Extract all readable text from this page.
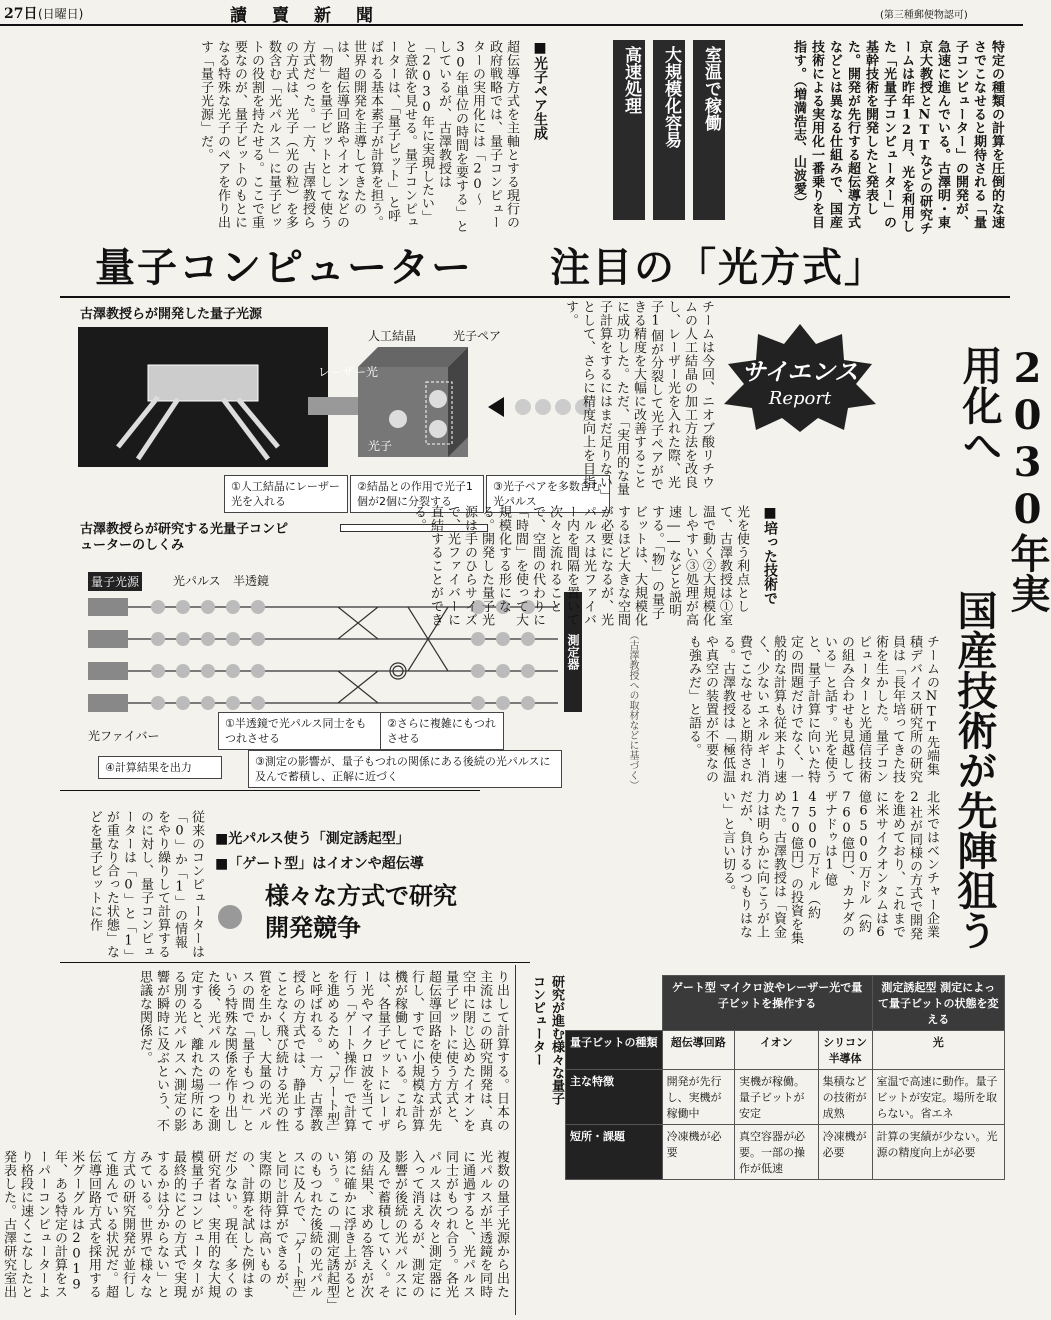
27日 (日曜日)	讀　賣　新　聞	(第三種郵便物認可)
特定の種類の計算を圧倒的な速さでこなせると期待される「量子コンピューター」の開発が、急速に進んでいる。古澤明・東京大教授とNTTなどの研究チームは昨年12月、光を利用した「光量子コンピューター」の基幹技術を開発したと発表した。開発が先行する超伝導方式などとは異なる仕組みで、国産技術による実用化一番乗りを目指す。（増満浩志、山波愛）
室温で稼働
大規模化容易
高速処理
■光子ペア生成
超伝導方式を主軸とする現行の政府戦略では、量子コンピューターの実用化には「20～30年単位の時間を要する」としているが、古澤教授は「2030年に実現したい」と意欲を見せる。量子コンピューターは、「量子ビット」と呼ばれる基本素子が計算を担う。世界の開発を主導してきたのは、超伝導回路やイオンなどの「物」を量子ビットとして使う方式だった。一方、古澤教授らの方式は、光子（光の粒）を多数含む「光パルス」に量子ビットの役割を持たせる。ここで重要なのが、量子ビットのもとになる特殊な光子のペアを作り出す「量子光源」だ。
量子コンピューター 注目の「光方式」
2030年実用化へ
国産技術が先陣狙う
サイエンス
Report
古澤教授らが開発した量子光源
人工結晶	光子ペア
レーザー光
光子
①人工結晶にレーザー光を入れる
②結晶との作用で光子1個が2個に分裂する
③光子ペアを多数含む光パルス
古澤教授らが研究する光量子コンピューターのしくみ
量子光源	光パルス 半透鏡
測定器
光ファイバー
①半透鏡で光パルス同士をもつれさせる
②さらに複雑にもつれさせる
④計算結果を出力	③測定の影響が、量子もつれの関係にある後続の光パルスに及んで蓄積し、正解に近づく	（古澤教授への取材などに基づく）
チームは今回、ニオブ酸リチウムの人工結晶の加工方法を改良し、レーザー光を入れた際、光子1個が分裂して光子ペアができる精度を大幅に改善することに成功した。ただ、「実用的な量子計算をするにはまだ足りない」として、さらに精度向上を目指す。
■培った技術で
光を使う利点として、古澤教授は①室温で動く②大規模化しやすい③処理が高速――などと説明する。「物」の量子ビットは、大規模化するほど大きな空間が必要になるが、光パルスは光ファイバー内を間隔を置いて次々と流れることで、空間の代わりに「時間」を使って大規模化する形になる。開発した量子光源は手のひらサイズで、光ファイバーに直結することができる。
チームのNTT先端集積デバイス研究所の研究員は「長年培ってきた技術を生かした。量子コンピューターと光通信技術の組み合わせも見越している」と話す。光を使うと、量子計算に向いた特定の問題だけでなく、一般的な計算も従来より速く、少ないエネルギー消費でこなせると期待される。古澤教授は「極低温や真空の装置が不要なのも強みだ」と語る。
北米ではベンチャー企業2社が同様の方式で開発を進めており、これまでに米サイクオンタムは6億6500万ドル（約760億円）、カナダのザナドゥは1億4500万ドル（約170億円）の投資を集めた。古澤教授は「資金力は明らかに向こうが上だが、負けるつもりはない」と言い切る。
■光パルス使う「測定誘起型」
■「ゲート型」はイオンや超伝導
様々な方式で研究開発競争
従来のコンピューターは「0」か「1」の情報をやり繰りして計算するのに対し、量子コンピューターは「0」と「1」が重なり合った状態」などを量子ビットに作
り出して計算する。日本の主流はこの研究開発は、真空中に閉じ込めたイオンを量子ビットに使う方式と、超伝導回路を使う方式が先行し、すでに小規模な計算機が稼働している。これらは、各量子ビットにレーザー光やマイクロ波を当てて行う「ゲート操作」で計算を進めるため、「ゲート型」と呼ばれる。一方、古澤教授らの方式では、静止することなく飛び続ける光の性質を生かし、大量の光パルスの間で「量子もつれ」という特殊な関係を作り出した後、光パルスの一つを測定すると、離れた場所にある別の光パルスへ測定の影響が瞬時に及ぶという、不思議な関係だ。	研究が進む様々な量子コンピューター
		ゲート型 マイクロ波やレーザー光で量子ビットを操作する			測定誘起型 測定によって量子ビットの状態を変える
量子ビットの種類	超伝導回路	イオン	シリコン半導体	光
主な特徴	開発が先行し、実機が稼働中	実機が稼働。量子ビットが安定	集積などの技術が成熟	室温で高速に動作。量子ビットが安定。場所を取らない。省エネ
短所・課題	冷凍機が必要	真空容器が必要。一部の操作が低速	冷凍機が必要	計算の実績が少ない。光源の精度向上が必要
複数の量子光源から出た光パルスが半透鏡を同時に通過すると、光パルス同士がもつれ合う。各光パルスは次々と測定器に入って消えるが、測定の影響が後続の光パルスに及んで蓄積していく。その結果、求める答えが次第に確かに浮き上がるという。この「測定誘起型」のもつれた後続の光パルスに及んで、「ゲート型」と同じ計算ができるが、実際の期待は高いものの、計算を試した例はまだ少ない。現在、多くの研究者は、実用的な大規模量子コンピューターが最終的にどの方式で実現するかは分からない」とみている。世界で様々な方式の研究開発が並行して進んでいる状況だ。超伝導回路方式を採用する米グーグルは2019年、ある特定の計算をスーパーコンピューターより格段に速くこなしたと発表した。古澤研究室出
